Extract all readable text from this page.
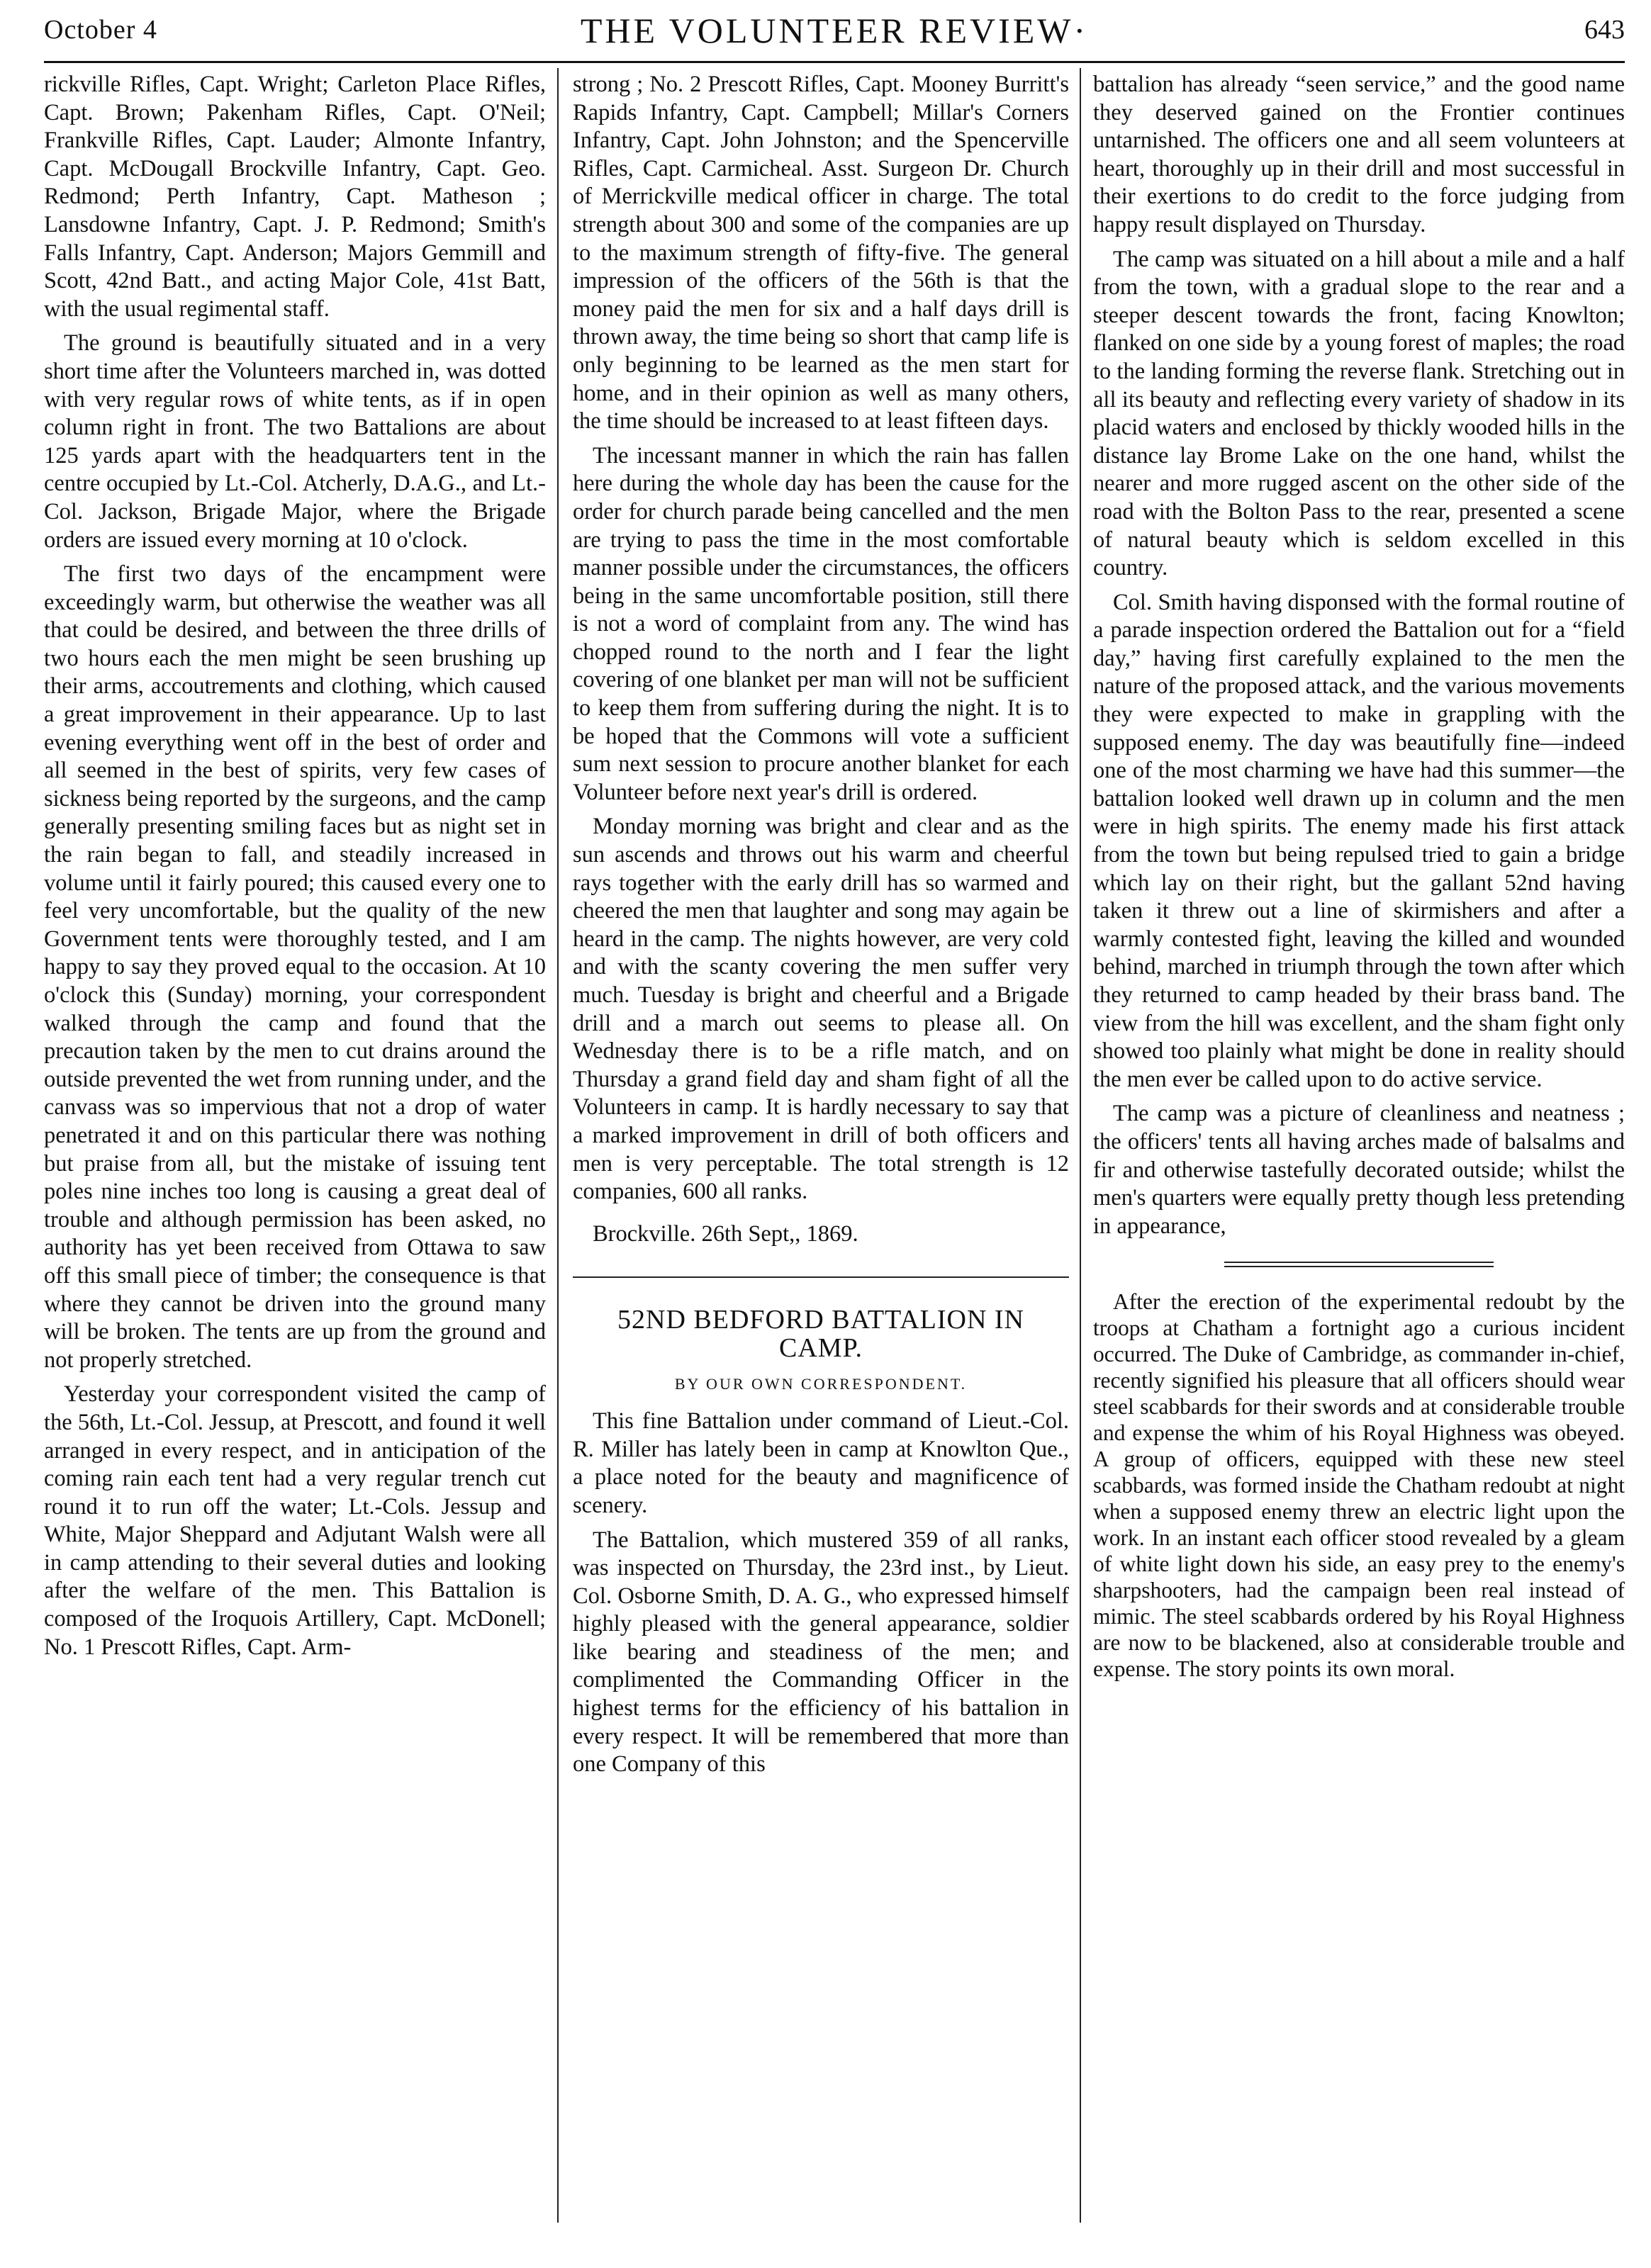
October 4	THE VOLUNTEER REVIEW·	643

rickville Rifles, Capt. Wright; Carleton Place Rifles, Capt. Brown; Pakenham Rifles, Capt. O'Neil; Frankville Rifles, Capt. Lauder; Almonte Infantry, Capt. McDougall Brockville Infantry, Capt. Geo. Redmond; Perth Infantry, Capt. Matheson ; Lansdowne Infantry, Capt. J. P. Redmond; Smith's Falls Infantry, Capt. Anderson; Majors Gemmill and Scott, 42nd Batt., and acting Major Cole, 41st Batt, with the usual regimental staff.

The ground is beautifully situated and in a very short time after the Volunteers marched in, was dotted with very regular rows of white tents, as if in open column right in front. The two Battalions are about 125 yards apart with the headquarters tent in the centre occupied by Lt.-Col. Atcherly, D.A.G., and Lt.-Col. Jackson, Brigade Major, where the Brigade orders are issued every morning at 10 o'clock.

The first two days of the encampment were exceedingly warm, but otherwise the weather was all that could be desired, and between the three drills of two hours each the men might be seen brushing up their arms, accoutrements and clothing, which caused a great improvement in their appearance. Up to last evening everything went off in the best of order and all seemed in the best of spirits, very few cases of sickness being reported by the surgeons, and the camp generally presenting smiling faces but as night set in the rain began to fall, and steadily increased in volume until it fairly poured; this caused every one to feel very uncomfortable, but the quality of the new Government tents were thoroughly tested, and I am happy to say they proved equal to the occasion. At 10 o'clock this (Sunday) morning, your correspondent walked through the camp and found that the precaution taken by the men to cut drains around the outside prevented the wet from running under, and the canvass was so impervious that not a drop of water penetrated it and on this particular there was nothing but praise from all, but the mistake of issuing tent poles nine inches too long is causing a great deal of trouble and although permission has been asked, no authority has yet been received from Ottawa to saw off this small piece of timber; the consequence is that where they cannot be driven into the ground many will be broken. The tents are up from the ground and not properly stretched.

Yesterday your correspondent visited the camp of the 56th, Lt.-Col. Jessup, at Prescott, and found it well arranged in every respect, and in anticipation of the coming rain each tent had a very regular trench cut round it to run off the water; Lt.-Cols. Jessup and White, Major Sheppard and Adjutant Walsh were all in camp attending to their several duties and looking after the welfare of the men. This Battalion is composed of the Iroquois Artillery, Capt. McDonell; No. 1 Prescott Rifles, Capt. Arm-

strong ; No. 2 Prescott Rifles, Capt. Mooney Burritt's Rapids Infantry, Capt. Campbell; Millar's Corners Infantry, Capt. John Johnston; and the Spencerville Rifles, Capt. Carmicheal. Asst. Surgeon Dr. Church of Merrickville medical officer in charge. The total strength about 300 and some of the companies are up to the maximum strength of fifty-five. The general impression of the officers of the 56th is that the money paid the men for six and a half days drill is thrown away, the time being so short that camp life is only beginning to be learned as the men start for home, and in their opinion as well as many others, the time should be increased to at least fifteen days.

The incessant manner in which the rain has fallen here during the whole day has been the cause for the order for church parade being cancelled and the men are trying to pass the time in the most comfortable manner possible under the circumstances, the officers being in the same uncomfortable position, still there is not a word of complaint from any. The wind has chopped round to the north and I fear the light covering of one blanket per man will not be sufficient to keep them from suffering during the night. It is to be hoped that the Commons will vote a sufficient sum next session to procure another blanket for each Volunteer before next year's drill is ordered.

Monday morning was bright and clear and as the sun ascends and throws out his warm and cheerful rays together with the early drill has so warmed and cheered the men that laughter and song may again be heard in the camp. The nights however, are very cold and with the scanty covering the men suffer very much. Tuesday is bright and cheerful and a Brigade drill and a march out seems to please all. On Wednesday there is to be a rifle match, and on Thursday a grand field day and sham fight of all the Volunteers in camp. It is hardly necessary to say that a marked improvement in drill of both officers and men is very perceptable. The total strength is 12 companies, 600 all ranks.

Brockville. 26th Sept,, 1869.

52ND BEDFORD BATTALION IN CAMP.
BY OUR OWN CORRESPONDENT.

This fine Battalion under command of Lieut.-Col. R. Miller has lately been in camp at Knowlton Que., a place noted for the beauty and magnificence of scenery.

The Battalion, which mustered 359 of all ranks, was inspected on Thursday, the 23rd inst., by Lieut. Col. Osborne Smith, D. A. G., who expressed himself highly pleased with the general appearance, soldier like bearing and steadiness of the men; and complimented the Commanding Officer in the highest terms for the efficiency of his battalion in every respect. It will be remembered that more than one Company of this

battalion has already “seen service,” and the good name they deserved gained on the Frontier continues untarnished. The officers one and all seem volunteers at heart, thoroughly up in their drill and most successful in their exertions to do credit to the force judging from happy result displayed on Thursday.

The camp was situated on a hill about a mile and a half from the town, with a gradual slope to the rear and a steeper descent towards the front, facing Knowlton; flanked on one side by a young forest of maples; the road to the landing forming the reverse flank. Stretching out in all its beauty and reflecting every variety of shadow in its placid waters and enclosed by thickly wooded hills in the distance lay Brome Lake on the one hand, whilst the nearer and more rugged ascent on the other side of the road with the Bolton Pass to the rear, presented a scene of natural beauty which is seldom excelled in this country.

Col. Smith having disponsed with the formal routine of a parade inspection ordered the Battalion out for a “field day,” having first carefully explained to the men the nature of the proposed attack, and the various movements they were expected to make in grappling with the supposed enemy. The day was beautifully fine—indeed one of the most charming we have had this summer—the battalion looked well drawn up in column and the men were in high spirits. The enemy made his first attack from the town but being repulsed tried to gain a bridge which lay on their right, but the gallant 52nd having taken it threw out a line of skirmishers and after a warmly contested fight, leaving the killed and wounded behind, marched in triumph through the town after which they returned to camp headed by their brass band. The view from the hill was excellent, and the sham fight only showed too plainly what might be done in reality should the men ever be called upon to do active service.

The camp was a picture of cleanliness and neatness ; the officers' tents all having arches made of balsalms and fir and otherwise tastefully decorated outside; whilst the men's quarters were equally pretty though less pretending in appearance,

After the erection of the experimental redoubt by the troops at Chatham a fortnight ago a curious incident occurred. The Duke of Cambridge, as commander in-chief, recently signified his pleasure that all officers should wear steel scabbards for their swords and at considerable trouble and expense the whim of his Royal Highness was obeyed. A group of officers, equipped with these new steel scabbards, was formed inside the Chatham redoubt at night when a supposed enemy threw an electric light upon the work. In an instant each officer stood revealed by a gleam of white light down his side, an easy prey to the enemy's sharpshooters, had the campaign been real instead of mimic. The steel scabbards ordered by his Royal Highness are now to be blackened, also at considerable trouble and expense. The story points its own moral.
